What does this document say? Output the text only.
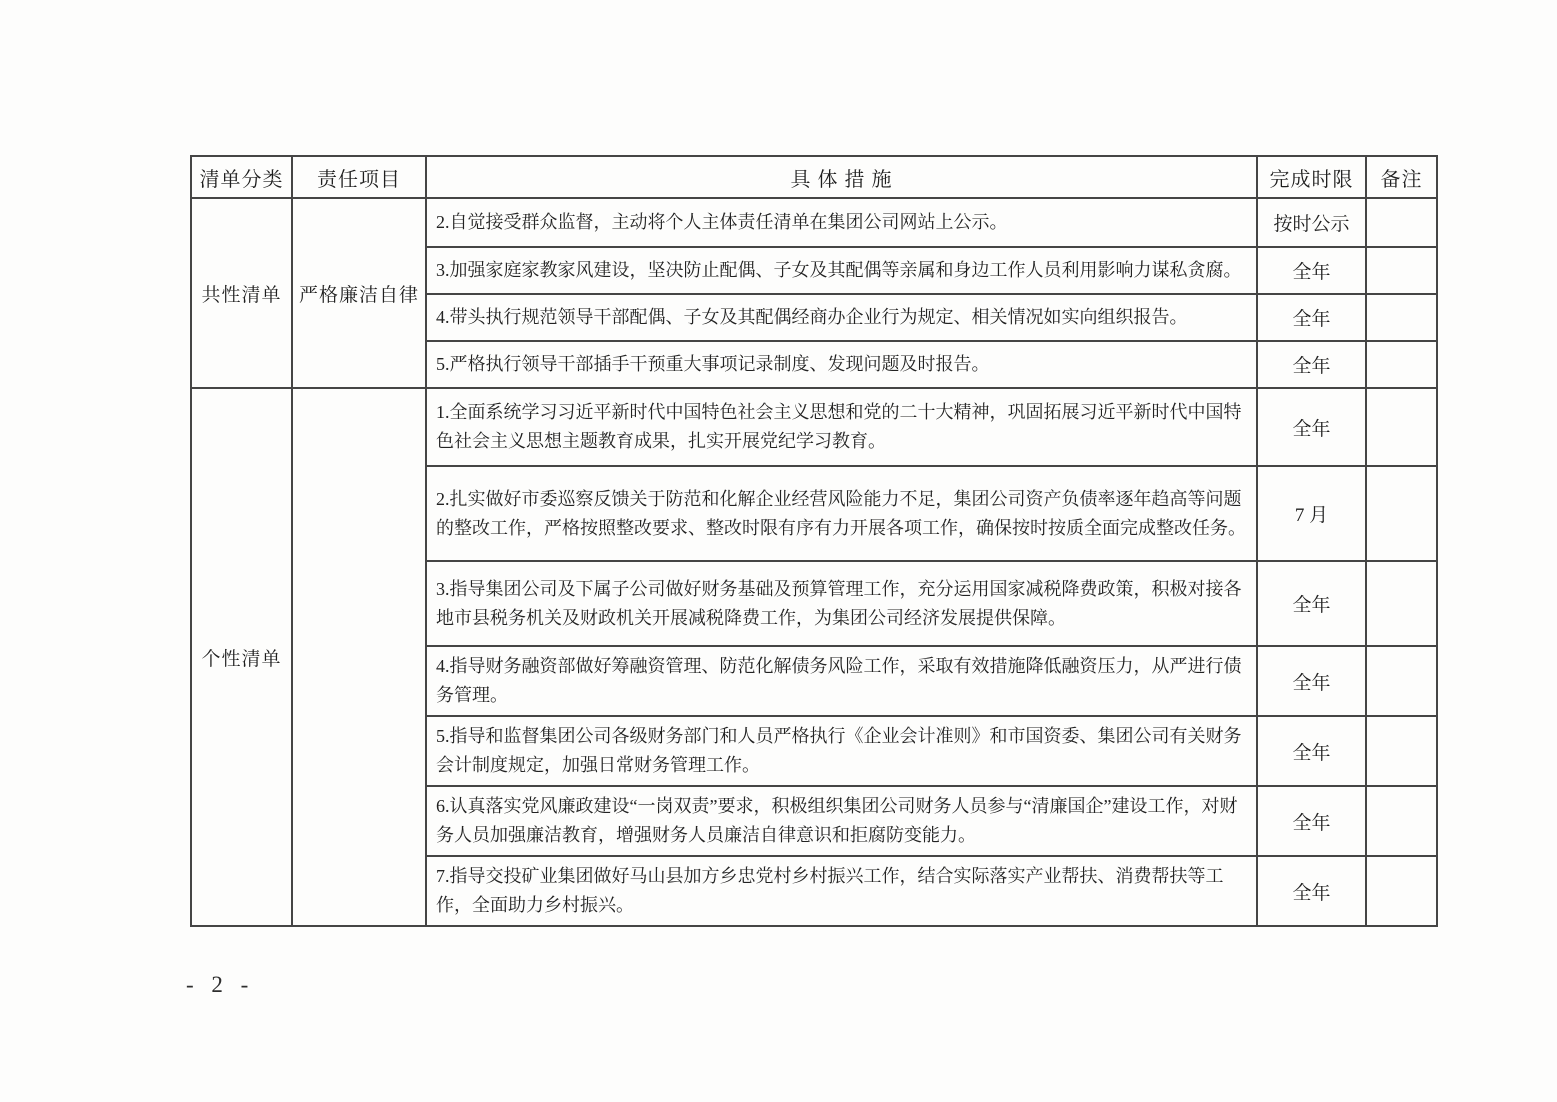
清单分类	责任项目	具 体 措 施	完成时限	备注
共性清单	严格廉洁自律	2.自觉接受群众监督，主动将个人主体责任清单在集团公司网站上公示。	按时公示	
		3.加强家庭家教家风建设，坚决防止配偶、子女及其配偶等亲属和身边工作人员利用影响力谋私贪腐。	全年	
		4.带头执行规范领导干部配偶、子女及其配偶经商办企业行为规定、相关情况如实向组织报告。	全年	
		5.严格执行领导干部插手干预重大事项记录制度、发现问题及时报告。	全年	
个性清单		1.全面系统学习习近平新时代中国特色社会主义思想和党的二十大精神，巩固拓展习近平新时代中国特色社会主义思想主题教育成果，扎实开展党纪学习教育。	全年	
		2.扎实做好市委巡察反馈关于防范和化解企业经营风险能力不足，集团公司资产负债率逐年趋高等问题的整改工作，严格按照整改要求、整改时限有序有力开展各项工作，确保按时按质全面完成整改任务。	7 月	
		3.指导集团公司及下属子公司做好财务基础及预算管理工作，充分运用国家减税降费政策，积极对接各地市县税务机关及财政机关开展减税降费工作，为集团公司经济发展提供保障。	全年	
		4.指导财务融资部做好筹融资管理、防范化解债务风险工作，采取有效措施降低融资压力，从严进行债务管理。	全年	
		5.指导和监督集团公司各级财务部门和人员严格执行《企业会计准则》和市国资委、集团公司有关财务会计制度规定，加强日常财务管理工作。	全年	
		6.认真落实党风廉政建设“一岗双责”要求，积极组织集团公司财务人员参与“清廉国企”建设工作，对财务人员加强廉洁教育，增强财务人员廉洁自律意识和拒腐防变能力。	全年	
		7.指导交投矿业集团做好马山县加方乡忠党村乡村振兴工作，结合实际落实产业帮扶、消费帮扶等工作，全面助力乡村振兴。	全年	
- 2 -
